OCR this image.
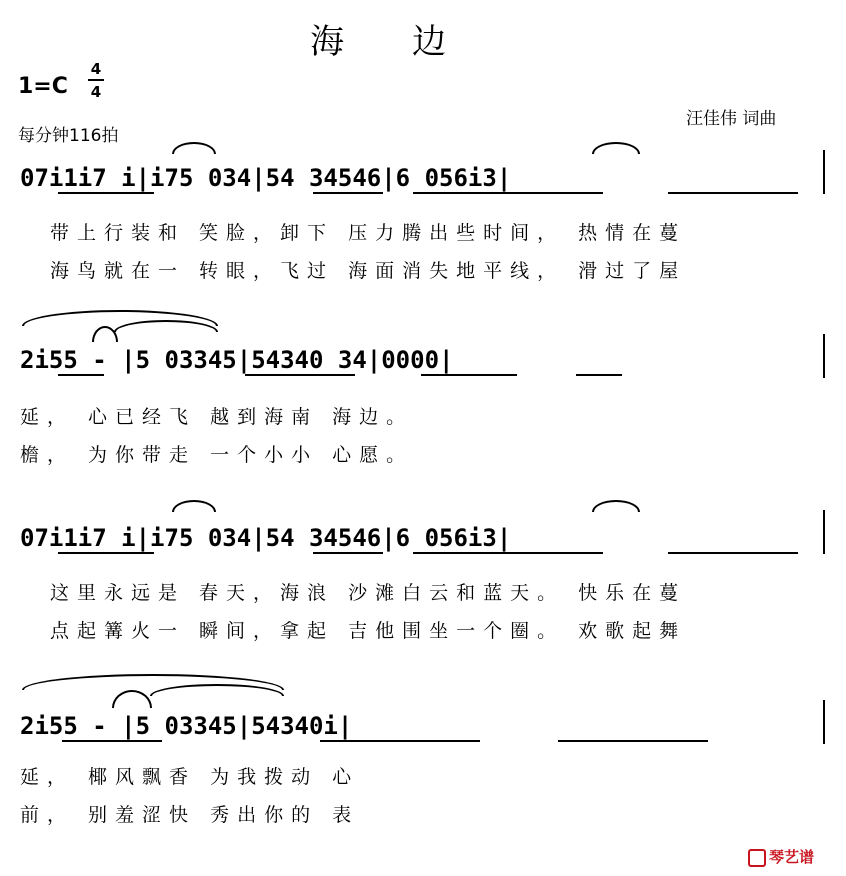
海　　边
1=C
4
4
每分钟116拍
汪佳伟 词曲
07i1i7 i|i75 034|54 34546|6 056i3|
带上行装和 笑脸，卸下 压力腾出些时间， 热情在蔓
海鸟就在一 转眼，飞过 海面消失地平线， 滑过了屋
2i55 - |5 03345|54340 34|0000|
延， 心已经飞 越到海南 海边。
檐， 为你带走 一个小小 心愿。
07i1i7 i|i75 034|54 34546|6 056i3|
这里永远是 春天，海浪 沙滩白云和蓝天。 快乐在蔓
点起篝火一 瞬间，拿起 吉他围坐一个圈。 欢歌起舞
2i55 - |5 03345|54340i|
延， 椰风飘香 为我拨动 心
前， 别羞涩快 秀出你的 表
琴艺谱
